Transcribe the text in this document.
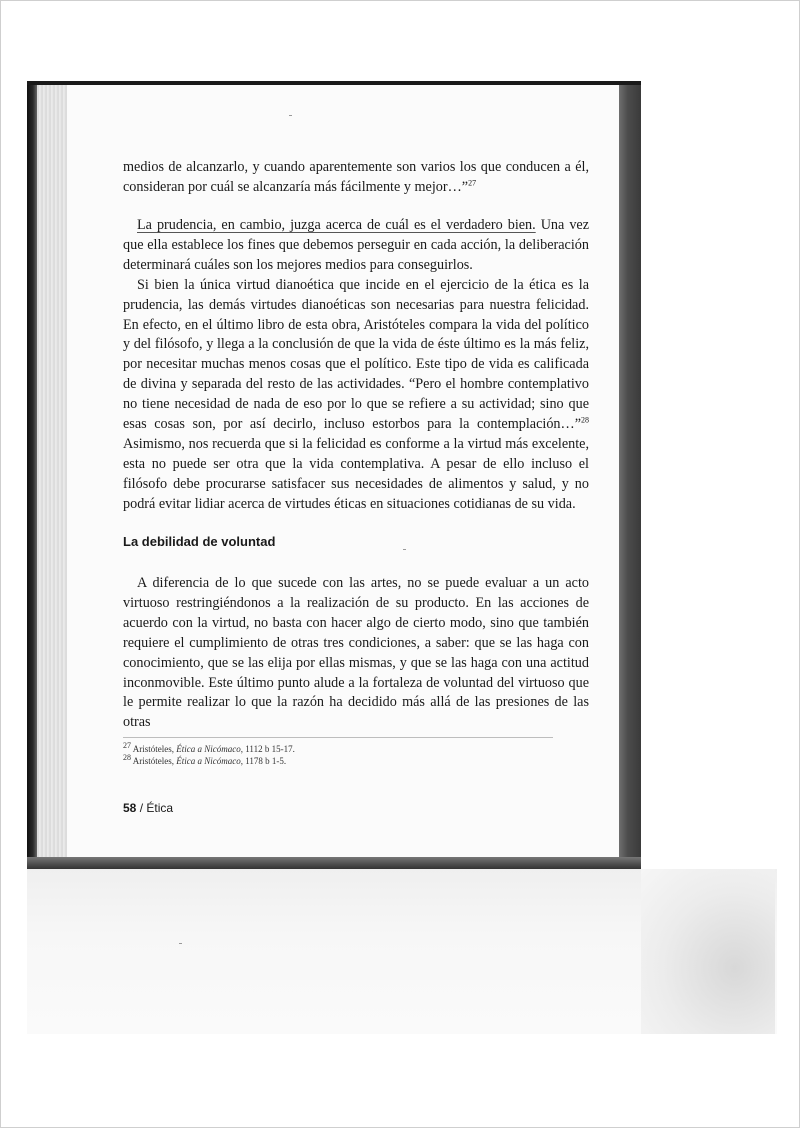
medios de alcanzarlo, y cuando aparentemente son varios los que conducen a él, consideran por cuál se alcanzaría más fácilmente y mejor…”$^{27}$

La prudencia, en cambio, juzga acerca de cuál es el verdadero bien. Una vez que ella establece los fines que debemos perseguir en cada acción, la deliberación determinará cuáles son los mejores medios para conseguirlos.

Si bien la única virtud dianoética que incide en el ejercicio de la ética es la prudencia, las demás virtudes dianoéticas son necesarias para nuestra felicidad. En efecto, en el último libro de esta obra, Aristóteles compara la vida del político y del filósofo, y llega a la conclusión de que la vida de éste último es la más feliz, por necesitar muchas menos cosas que el político. Este tipo de vida es calificada de divina y separada del resto de las actividades. “Pero el hombre contemplativo no tiene necesidad de nada de eso por lo que se refiere a su actividad; sino que esas cosas son, por así decirlo, incluso estorbos para la contemplación…”$^{28}$ Asimismo, nos recuerda que si la felicidad es conforme a la virtud más excelente, esta no puede ser otra que la vida contemplativa. A pesar de ello incluso el filósofo debe procurarse satisfacer sus necesidades de alimentos y salud, y no podrá evitar lidiar acerca de virtudes éticas en situaciones cotidianas de su vida.

La debilidad de voluntad

A diferencia de lo que sucede con las artes, no se puede evaluar a un acto virtuoso restringiéndonos a la realización de su producto. En las acciones de acuerdo con la virtud, no basta con hacer algo de cierto modo, sino que también requiere el cumplimiento de otras tres condiciones, a saber: que se las haga con conocimiento, que se las elija por ellas mismas, y que se las haga con una actitud inconmovible. Este último punto alude a la fortaleza de voluntad del virtuoso que le permite realizar lo que la razón ha decidido más allá de las presiones de las otras

$^{27}$ Aristóteles, Ética a Nicómaco, 1112 b 15-17.
$^{28}$ Aristóteles, Ética a Nicómaco, 1178 b 1-5.
58 / Ética
